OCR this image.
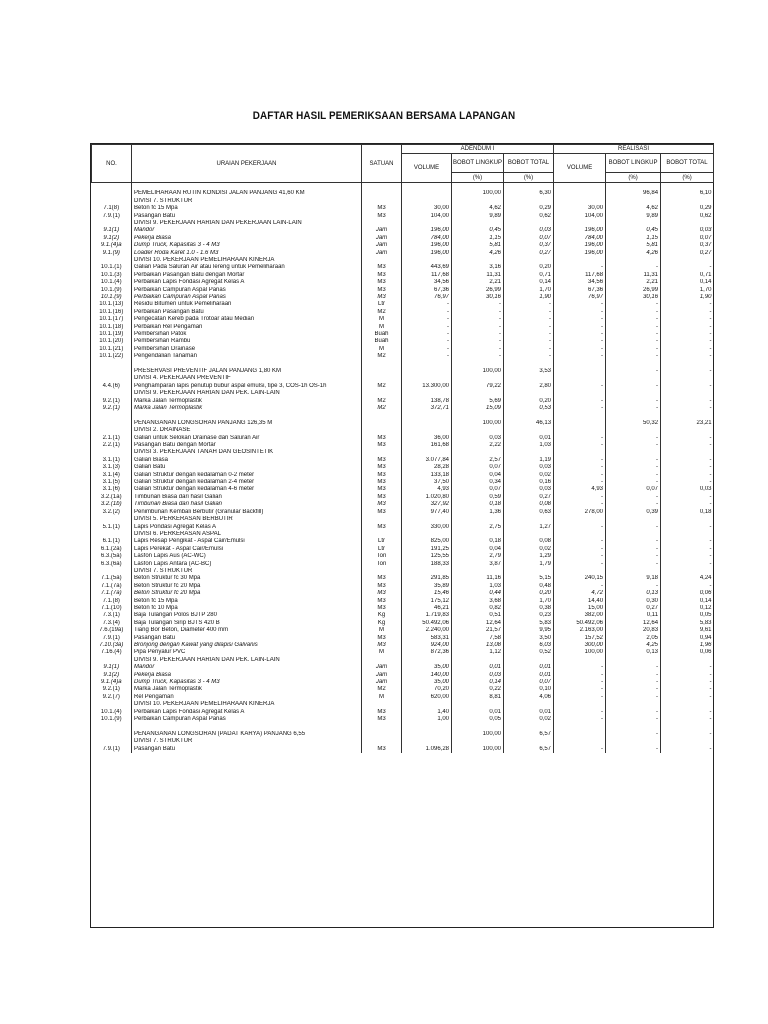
DAFTAR HASIL PEMERIKSAAN BERSAMA LAPANGAN
NO.	URAIAN PEKERJAAN	SATUAN	ADENDUM I			REALISASI		
			VOLUME	BOBOT LINGKUP	BOBOT TOTAL	VOLUME	BOBOT LINGKUP	BOBOT TOTAL
				(%)	(%)		(%)	(%)

	PEMELIHARAAN RUTIN KONDISI JALAN PANJANG 41,60 KM			100,00	6,30		96,84	6,10
	DIVISI 7. STRUKTUR							
7.1(8)	Beton fc 15 Mpa	M3	30,00	4,62	0,29	30,00	4,62	0,29
7.9.(1)	Pasangan Batu	M3	104,00	9,89	0,62	104,00	9,89	0,62
	DIVISI 9. PEKERJAAN HARIAN DAN PEKERJAAN LAIN-LAIN							
9.1(1)	Mandor	Jam	196,00	0,45	0,03	196,00	0,45	0,03
9.1(2)	Pekerja Biasa	Jam	784,00	1,15	0,07	784,00	1,15	0,07
9.1.(4)a	Dump Truck, Kapasitas 3 - 4 M3	Jam	196,00	5,81	0,37	196,00	5,81	0,37
9.1.(9)	Loader Roda Karet 1.0 - 1.6 M3	Jam	196,00	4,26	0,27	196,00	4,26	0,27
	DIVISI 10. PEKERJAAN PEMELIHARAAN KINERJA							
10.1.(1)	Galian Pada Saluran Air atau lereng untuk Pemeliharaan	M3	443,69	3,16	0,20	-	-	-
10.1.(3)	Perbaikan Pasangan Batu dengan Mortar	M3	117,68	11,31	0,71	117,68	11,31	0,71
10.1.(4)	Perbaikan Lapis Fondasi Agregat Kelas A	M3	34,56	2,21	0,14	34,56	2,21	0,14
10.1.(9)	Perbaikan Campuran Aspal Panas	M3	67,36	26,99	1,70	67,36	26,99	1,70
10.1.(9)	Perbaikan Campuran Aspal Panas	M3	76,97	30,16	1,90	76,97	30,16	1,90
10.1.(13)	Residu Bitumen untuk Pemeliharaan	Ltr	-	-	-	-	-	-
10.1.(16)	Perbaikan Pasangan Batu	M2	-	-	-	-	-	-
10.1.(17)	Pengecatan Kereb pada Trotoar atau Median	M	-	-	-	-	-	-
10.1.(18)	Perbaikan Rel Pengaman	M	-	-	-	-	-	-
10.1.(19)	Pembersihan Patok	Buah	-	-	-	-	-	-
10.1.(20)	Pembersihan Rambu	Buah	-	-	-	-	-	-
10.1.(21)	Pembersihan Drainase	M	-	-	-	-	-	-
10.1.(22)	Pengendalian Tanaman	M2	-	-	-	-	-	-

	PRESERVASI PREVENTIF JALAN PANJANG 1,80 KM			100,00	3,53		-	-
	DIVISI 4. PEKERJAAN PREVENTIF							
4.4.(6)	Penghamparan lapis penutup bubur aspal emulsi, tipe 3, COS-1h OS-1h	M2	13.300,00	79,22	2,80	-	-	-
	DIVISI 9. PEKERJAAN HARIAN DAN PEK. LAIN-LAIN							
9.2.(1)	Marka Jalan Termoplastik	M2	138,78	5,69	0,20	-	-	-
9.2.(1)	Marka Jalan Termoplastik	M2	372,71	15,09	0,53	-	-	-

	PENANGANAN LONGSORAN PANJANG 126,35 M			100,00	46,13		50,32	23,21
	DIVISI 2. DRAINASE							
2.1.(1)	Galian untuk Selokan Drainase dan Saluran Air	M3	36,00	0,03	0,01	-	-	-
2.2.(1)	Pasangan Batu dengan Mortar	M3	161,68	2,22	1,03	-	-	-
	DIVISI 3. PEKERJAAN TANAH DAN GEOSINTETIK							
3.1.(1)	Galian Biasa	M3	3.077,84	2,57	1,19	-	-	-
3.1.(3)	Galian Batu	M3	28,28	0,07	0,03	-	-	-
3.1.(4)	Galian Struktur dengan kedalaman 0-2 meter	M3	133,18	0,04	0,02	-	-	-
3.1.(5)	Galian Struktur dengan kedalaman 2-4 meter	M3	37,50	0,34	0,16	-	-	-
3.1.(6)	Galian Struktur dengan kedalaman 4-6 meter	M3	4,93	0,07	0,03	4,93	0,07	0,03
3.2.(1a)	Timbunan Biasa dari hasil Galian	M3	1.020,80	0,59	0,27	-	-	-
3.2.(1b)	Timbunan Biasa dari hasil Galian	M3	327,92	0,18	0,08	-	-	-
3.2.(2)	Penimbunan Kembali Berbutir (Granular Backfill)	M3	977,40	1,36	0,63	278,00	0,39	0,18
	DIVISI 5. PERKERASAN BERBUTIR							
5.1.(1)	Lapis Pondasi Agregat Kelas A	M3	330,00	2,75	1,27	-	-	-
	DIVISI 6. PERKERASAN ASPAL							
6.1.(1)	Lapis Resap Pengikat - Aspal Cair/Emulsi	Ltr	825,00	0,18	0,08	-	-	-
6.1.(2a)	Lapis Perekat - Aspal Cair/Emulsi	Ltr	191,25	0,04	0,02	-	-	-
6.3.(5a)	Lasfon Lapis Aus (AC-WC)	Ton	125,55	2,79	1,29	-	-	-
6.3.(6a)	Lasfon Lapis Antara (AC-BC)	Ton	188,33	3,87	1,79	-	-	-
	DIVISI 7. STRUKTUR							
7.1.(5a)	Beton Struktur fc 30 Mpa	M3	291,85	11,16	5,15	240,15	9,18	4,24
7.1.(7a)	Beton Struktur fc 20 Mpa	M3	35,89	1,03	0,48	-	-	-
7.1.(7a)	Beton Struktur fc 20 Mpa	M3	15,46	0,44	0,20	4,72	0,13	0,06
7.1.(8)	Beton fc 15 Mpa	M3	175,12	3,68	1,70	14,40	0,30	0,14
7.1.(10)	Beton fc 10 Mpa	M3	46,21	0,82	0,38	15,00	0,27	0,12
7.3.(1)	Baja Tulangan Polos BJTP 280	Kg	1.719,83	0,51	0,23	382,00	0,11	0,05
7.3.(4)	Baja Tulangan Sirip BJTS 420 B	Kg	50.492,06	12,64	5,83	50.492,06	12,64	5,83
7.6.(19a)	Tiang Bor Beton, Diameter 400 mm	M	2.240,00	21,57	9,95	2.163,00	20,83	9,61
7.9.(1)	Pasangan Batu	M3	583,31	7,58	3,50	157,52	2,05	0,94
7.10.(3a)	Bronjong dengan Kawat yang dilapisi Galvanis	M3	924,00	13,08	6,03	300,00	4,25	1,96
7.16.(4)	Pipa Penyalur PVC	M	872,36	1,12	0,52	100,00	0,13	0,06
	DIVISI 9. PEKERJAAN HARIAN DAN PEK. LAIN-LAIN							
9.1(1)	Mandor	Jam	35,00	0,01	0,01	-	-	-
9.1(2)	Pekerja Biasa	Jam	140,00	0,03	0,01	-	-	-
9.1.(4)a	Dump Truck, Kapasitas 3 - 4 M3	Jam	35,00	0,14	0,07	-	-	-
9.2.(1)	Marka Jalan Termoplastik	M2	70,20	0,22	0,10	-	-	-
9.2.(7)	Rel Pengaman	M	620,00	8,81	4,06	-	-	-
	DIVISI 10. PEKERJAAN PEMELIHARAAN KINERJA							
10.1.(4)	Perbaikan Lapis Fondasi Agregat Kelas A	M3	1,40	0,01	0,01	-	-	-
10.1.(9)	Perbaikan Campuran Aspal Panas	M3	1,00	0,05	0,02	-	-	-

	PENANGANAN LONGSORAN (PADAT KARYA) PANJANG 6,55			100,00	6,57		-	-
	DIVISI 7. STRUKTUR							
7.9.(1)	Pasangan Batu	M3	1.096,28	100,00	6,57	-	-	-
